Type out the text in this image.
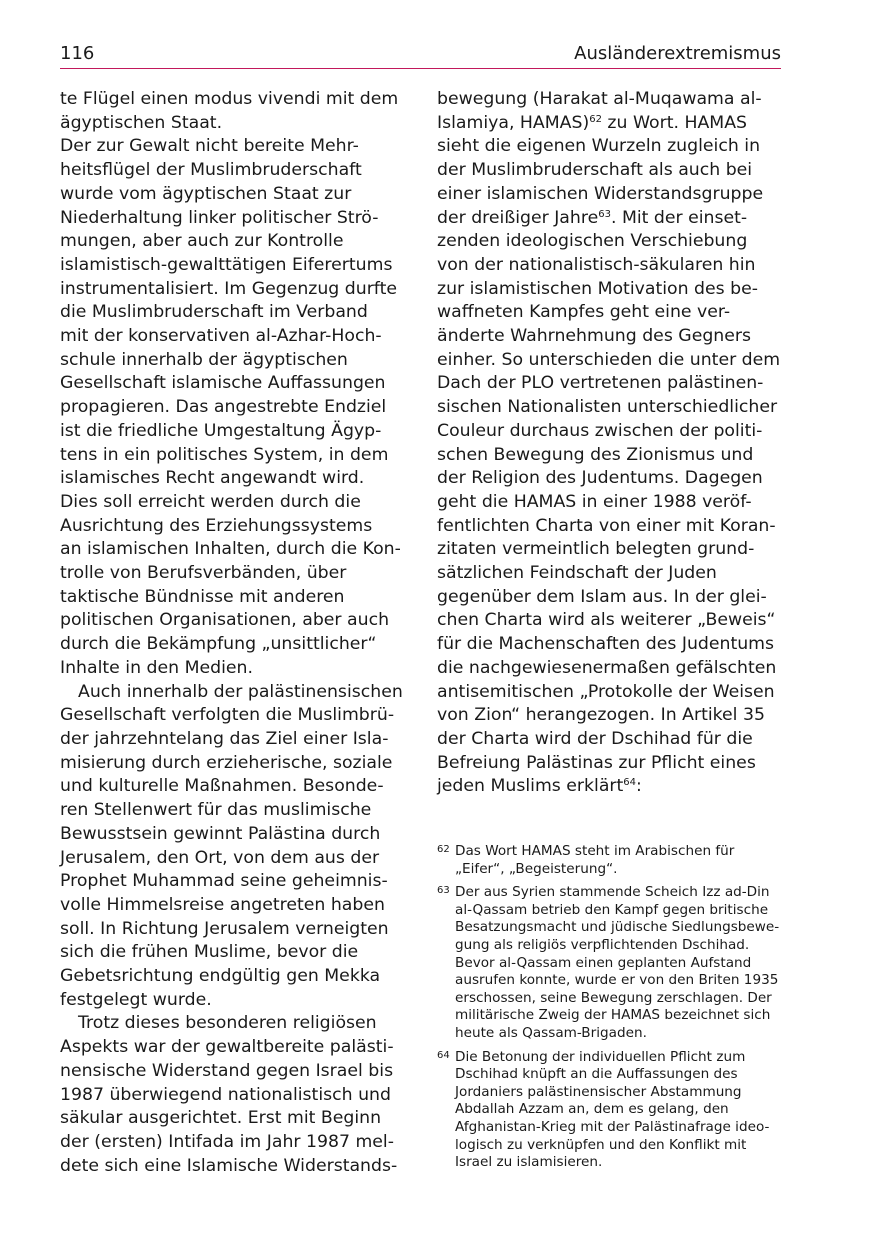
116	Ausländerextremismus
te Flügel einen modus vivendi mit dem
ägyptischen Staat.
Der zur Gewalt nicht bereite Mehr-
heitsflügel der Muslimbruderschaft
wurde vom ägyptischen Staat zur
Niederhaltung linker politischer Strö-
mungen, aber auch zur Kontrolle
islamistisch-gewalttätigen Eiferertums
instrumentalisiert. Im Gegenzug durfte
die Muslimbruderschaft im Verband
mit der konservativen al-Azhar-Hoch-
schule innerhalb der ägyptischen
Gesellschaft islamische Auffassungen
propagieren. Das angestrebte Endziel
ist die friedliche Umgestaltung Ägyp-
tens in ein politisches System, in dem
islamisches Recht angewandt wird.
Dies soll erreicht werden durch die
Ausrichtung des Erziehungssystems
an islamischen Inhalten, durch die Kon-
trolle von Berufsverbänden, über
taktische Bündnisse mit anderen
politischen Organisationen, aber auch
durch die Bekämpfung „unsittlicher“
Inhalte in den Medien.
Auch innerhalb der palästinensischen
Gesellschaft verfolgten die Muslimbrü-
der jahrzehntelang das Ziel einer Isla-
misierung durch erzieherische, soziale
und kulturelle Maßnahmen. Besonde-
ren Stellenwert für das muslimische
Bewusstsein gewinnt Palästina durch
Jerusalem, den Ort, von dem aus der
Prophet Muhammad seine geheimnis-
volle Himmelsreise angetreten haben
soll. In Richtung Jerusalem verneigten
sich die frühen Muslime, bevor die
Gebetsrichtung endgültig gen Mekka
festgelegt wurde.
Trotz dieses besonderen religiösen
Aspekts war der gewaltbereite palästi-
nensische Widerstand gegen Israel bis
1987 überwiegend nationalistisch und
säkular ausgerichtet. Erst mit Beginn
der (ersten) Intifada im Jahr 1987 mel-
dete sich eine Islamische Widerstands-
bewegung (Harakat al-Muqawama al-
Islamiya, HAMAS)$^{62}$ zu Wort. HAMAS
sieht die eigenen Wurzeln zugleich in
der Muslimbruderschaft als auch bei
einer islamischen Widerstandsgruppe
der dreißiger Jahre$^{63}$. Mit der einset-
zenden ideologischen Verschiebung
von der nationalistisch-säkularen hin
zur islamistischen Motivation des be-
waffneten Kampfes geht eine ver-
änderte Wahrnehmung des Gegners
einher. So unterschieden die unter dem
Dach der PLO vertretenen palästinen-
sischen Nationalisten unterschiedlicher
Couleur durchaus zwischen der politi-
schen Bewegung des Zionismus und
der Religion des Judentums. Dagegen
geht die HAMAS in einer 1988 veröf-
fentlichten Charta von einer mit Koran-
zitaten vermeintlich belegten grund-
sätzlichen Feindschaft der Juden
gegenüber dem Islam aus. In der glei-
chen Charta wird als weiterer „Beweis“
für die Machenschaften des Judentums
die nachgewiesenermaßen gefälschten
antisemitischen „Protokolle der Weisen
von Zion“ herangezogen. In Artikel 35
der Charta wird der Dschihad für die
Befreiung Palästinas zur Pflicht eines
jeden Muslims erklärt$^{64}$:
62 Das Wort HAMAS steht im Arabischen für
„Eifer“, „Begeisterung“.
63 Der aus Syrien stammende Scheich Izz ad-Din
al-Qassam betrieb den Kampf gegen britische
Besatzungsmacht und jüdische Siedlungsbewe-
gung als religiös verpflichtenden Dschihad.
Bevor al-Qassam einen geplanten Aufstand
ausrufen konnte, wurde er von den Briten 1935
erschossen, seine Bewegung zerschlagen. Der
militärische Zweig der HAMAS bezeichnet sich
heute als Qassam-Brigaden.
64 Die Betonung der individuellen Pflicht zum
Dschihad knüpft an die Auffassungen des
Jordaniers palästinensischer Abstammung
Abdallah Azzam an, dem es gelang, den
Afghanistan-Krieg mit der Palästinafrage ideo-
logisch zu verknüpfen und den Konflikt mit
Israel zu islamisieren.
